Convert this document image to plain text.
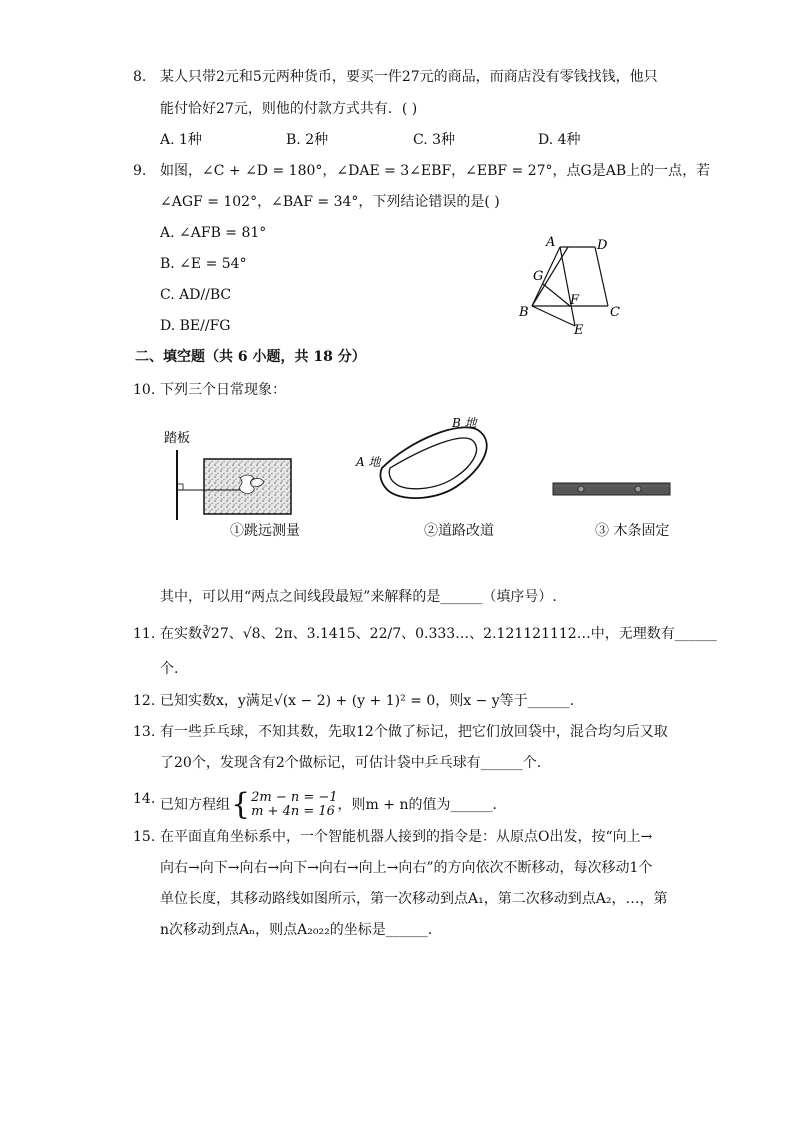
8. 某人只带2元和5元两种货币，要买一件27元的商品，而商店没有零钱找钱，他只
能付恰好27元，则他的付款方式共有．( )
A. 1种	B. 2种	C. 3种	D. 4种
9. 如图，∠C + ∠D = 180°，∠DAE = 3∠EBF，∠EBF = 27°，点G是AB上的一点，若
∠AGF = 102°，∠BAF = 34°，下列结论错误的是( )
A. ∠AFB = 81°
B. ∠E = 54°
C. AD//BC
D. BE//FG
A	D
G
F
B	C
E
二、填空题（共 6 小题，共 18 分）
10. 下列三个日常现象：
踏板
B 地
A 地
①跳远测量	②道路改道	③ 木条固定
其中，可以用“两点之间线段最短”来解释的是______（填序号）.
11. 在实数∛27、√8、2π、3.1415、22/7、0.333…、2.121121112…中，无理数有______
个.
12. 已知实数x，y满足√(x − 2) + (y + 1)² = 0，则x − y等于______.
13. 有一些乒乓球，不知其数，先取12个做了标记，把它们放回袋中，混合均匀后又取
了20个，发现含有2个做标记，可估计袋中乒乓球有______个.
14. 已知方程组 { 2m − n = −1
m + 4n = 16 ，则m + n的值为______.
15. 在平面直角坐标系中，一个智能机器人接到的指令是：从原点O出发，按“向上→
向右→向下→向右→向下→向右→向上→向右”的方向依次不断移动，每次移动1个
单位长度，其移动路线如图所示，第一次移动到点A₁，第二次移动到点A₂，…，第
n次移动到点Aₙ，则点A₂₀₂₂的坐标是______.
